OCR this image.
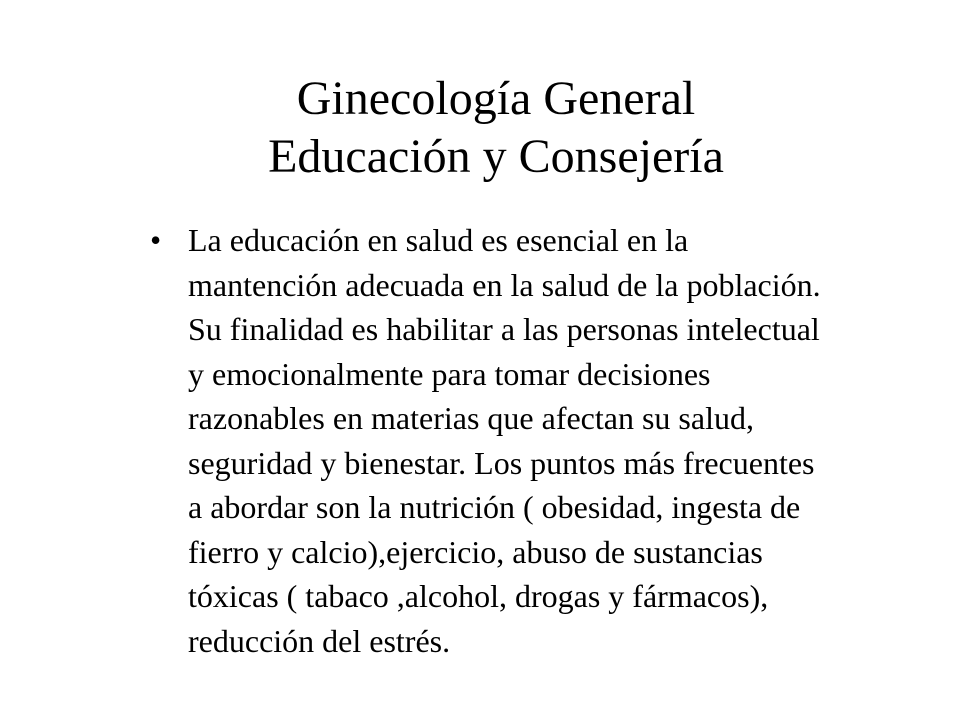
Ginecología General
Educación y Consejería
• La educación en salud es esencial en la
mantención adecuada en la salud de la población.
Su finalidad es habilitar a las personas intelectual
y emocionalmente para tomar decisiones
razonables en materias que afectan su salud,
seguridad y bienestar. Los puntos más frecuentes
a abordar son la nutrición ( obesidad, ingesta de
fierro y calcio),ejercicio, abuso de sustancias
tóxicas ( tabaco ,alcohol, drogas y fármacos),
reducción del estrés.
